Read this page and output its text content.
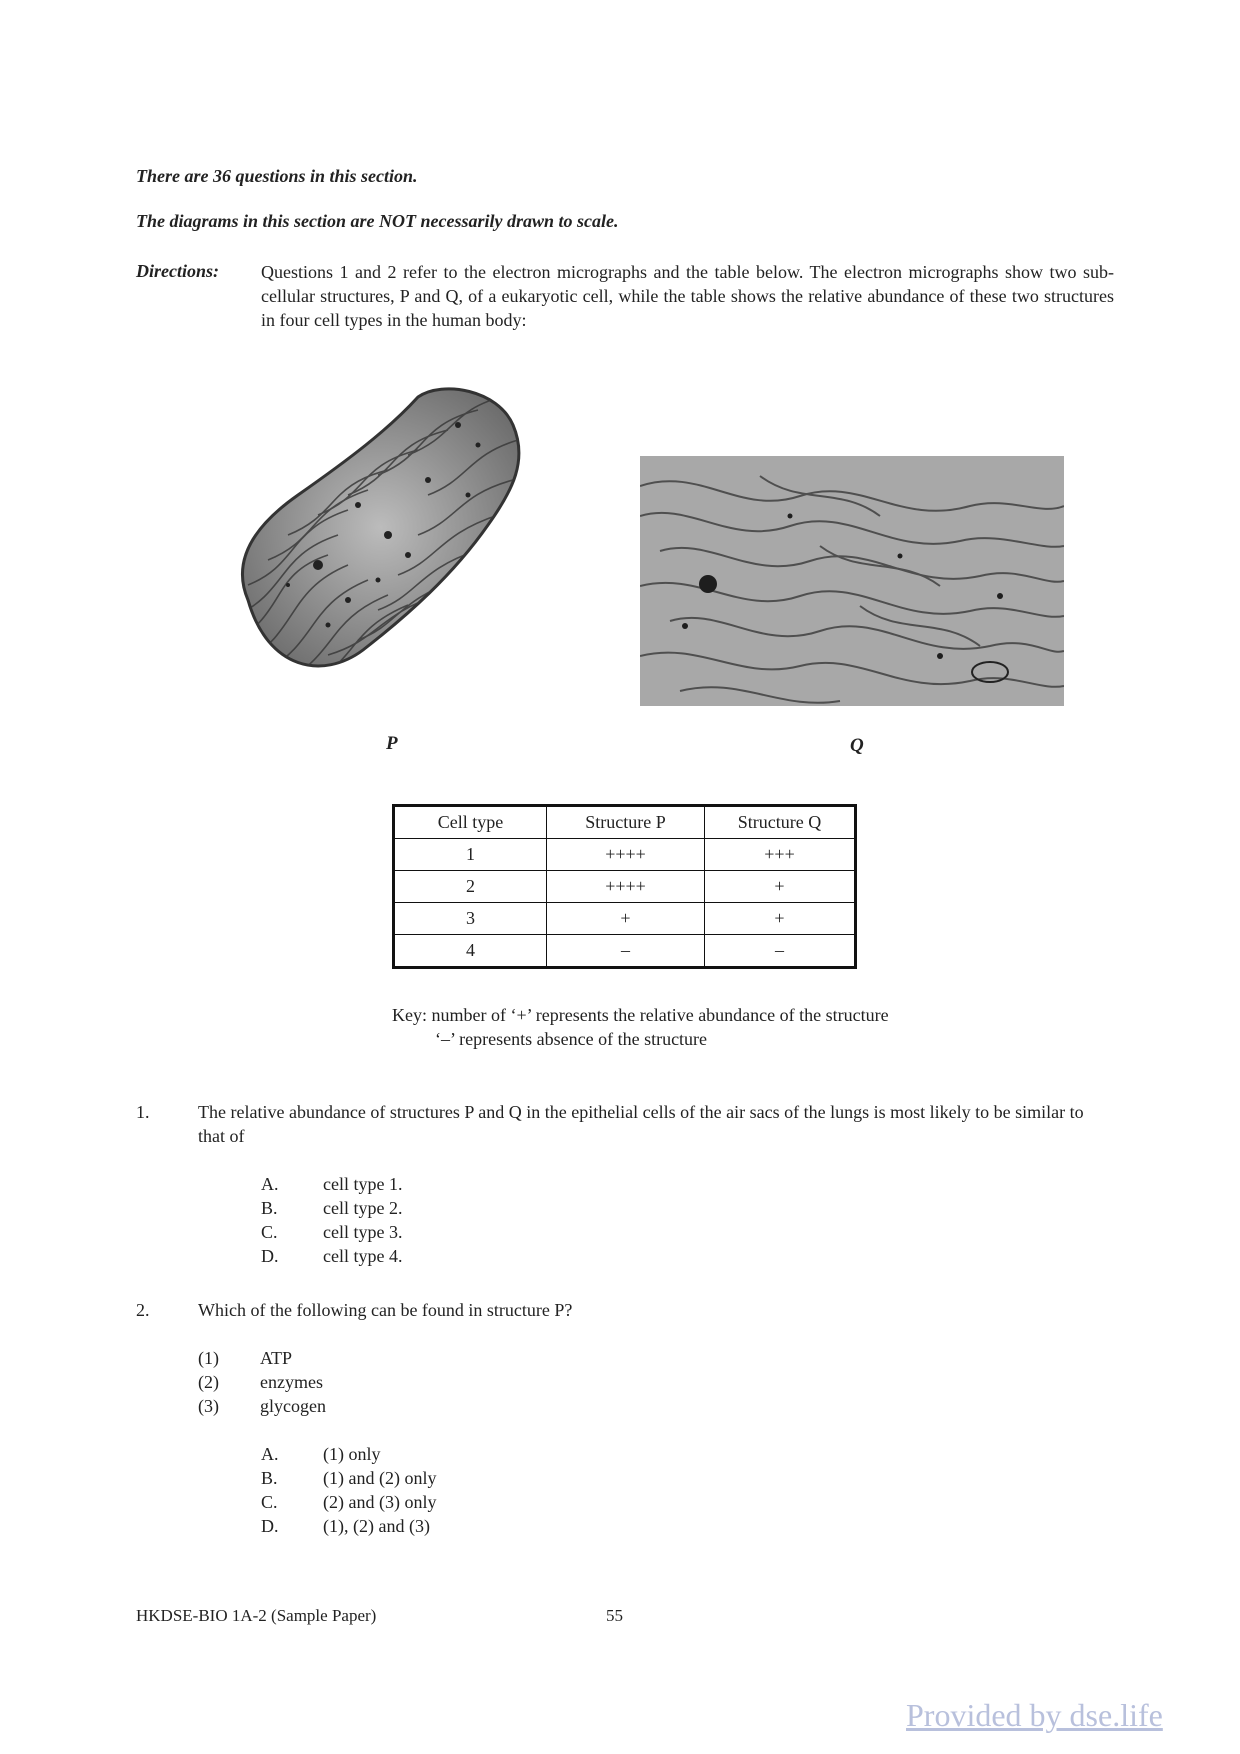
There are 36 questions in this section.
The diagrams in this section are NOT necessarily drawn to scale.
Directions: Questions 1 and 2 refer to the electron micrographs and the table below. The electron micrographs show two sub-cellular structures, P and Q, of a eukaryotic cell, while the table shows the relative abundance of these two structures in four cell types in the human body:
P	Q
Cell type	Structure P	Structure Q
1	++++	+++
2	++++	+
3	+	+
4	–	–
Key: number of ‘+’ represents the relative abundance of the structure
‘–’ represents absence of the structure
1.	The relative abundance of structures P and Q in the epithelial cells of the air sacs of the lungs is most likely to be similar to that of
A.	cell type 1.
B.	cell type 2.
C.	cell type 3.
D.	cell type 4.
2.	Which of the following can be found in structure P?
(1)	ATP
(2)	enzymes
(3)	glycogen
A.	(1) only
B.	(1) and (2) only
C.	(2) and (3) only
D.	(1), (2) and (3)
HKDSE-BIO 1A-2 (Sample Paper)	55
Provided by dse.life
